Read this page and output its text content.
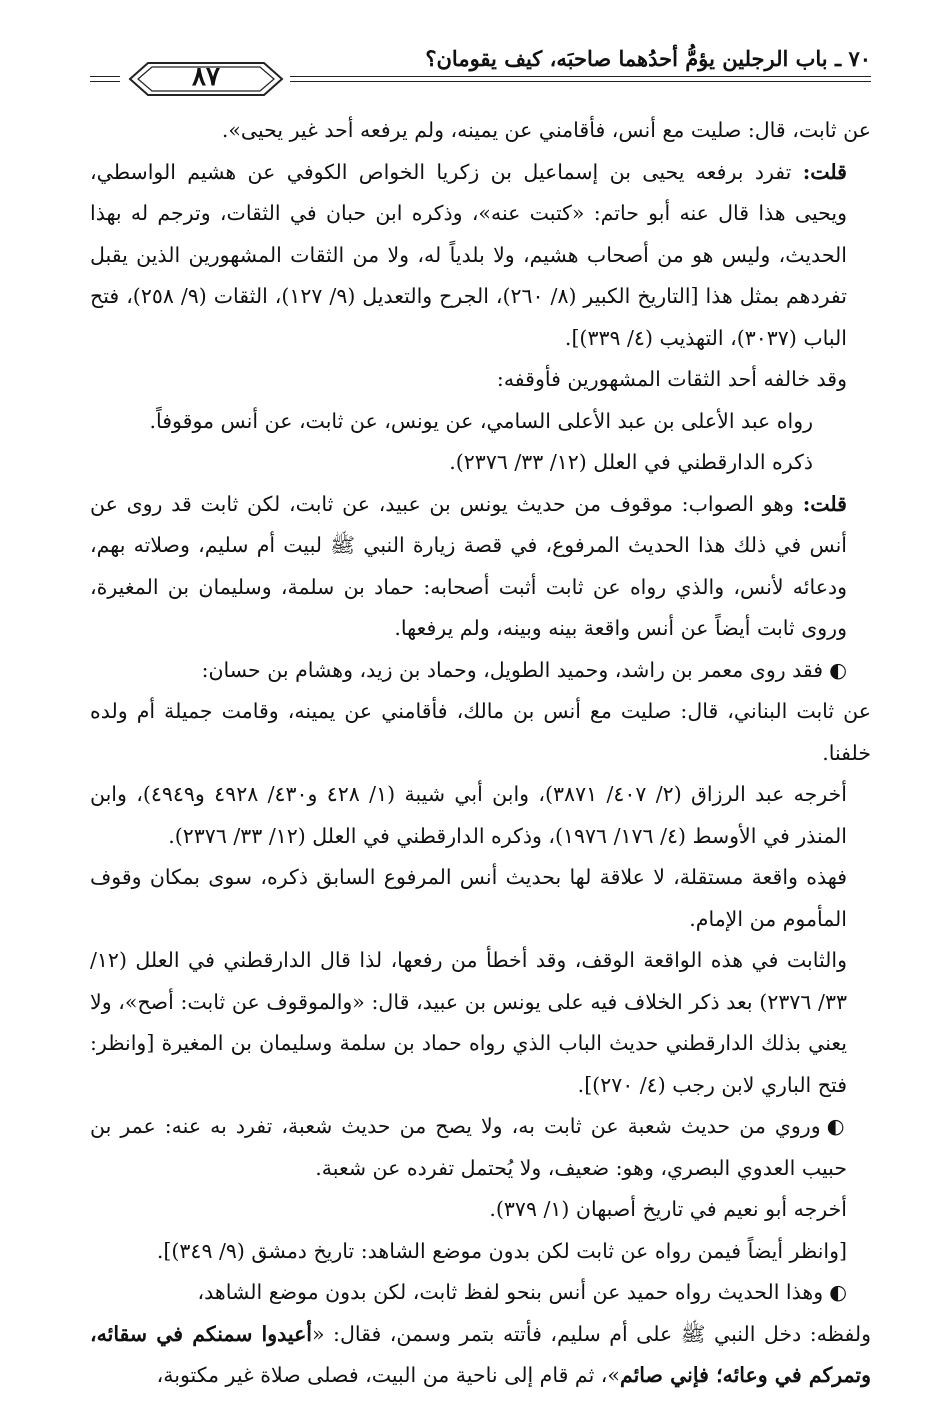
٧٠ ـ باب الرجلين يؤمُّ أحدُهما صاحبَه، كيف يقومان؟
٨٧

عن ثابت، قال: صليت مع أنس، فأقامني عن يمينه، ولم يرفعه أحد غير يحيى».

قلت: تفرد برفعه يحيى بن إسماعيل بن زكريا الخواص الكوفي عن هشيم الواسطي، ويحيى هذا قال عنه أبو حاتم: «كتبت عنه»، وذكره ابن حبان في الثقات، وترجم له بهذا الحديث، وليس هو من أصحاب هشيم، ولا بلدياً له، ولا من الثقات المشهورين الذين يقبل تفردهم بمثل هذا [التاريخ الكبير (٨/ ٢٦٠)، الجرح والتعديل (٩/ ١٢٧)، الثقات (٩/ ٢٥٨)، فتح الباب (٣٠٣٧)، التهذيب (٤/ ٣٣٩)].

وقد خالفه أحد الثقات المشهورين فأوقفه:

رواه عبد الأعلى بن عبد الأعلى السامي، عن يونس، عن ثابت، عن أنس موقوفاً.

ذكره الدارقطني في العلل (١٢/ ٣٣/ ٢٣٧٦).

قلت: وهو الصواب: موقوف من حديث يونس بن عبيد، عن ثابت، لكن ثابت قد روى عن أنس في ذلك هذا الحديث المرفوع، في قصة زيارة النبي ﷺ لبيت أم سليم، وصلاته بهم، ودعائه لأنس، والذي رواه عن ثابت أثبت أصحابه: حماد بن سلمة، وسليمان بن المغيرة، وروى ثابت أيضاً عن أنس واقعة بينه وبينه، ولم يرفعها.

◐فقد روى معمر بن راشد، وحميد الطويل، وحماد بن زيد، وهشام بن حسان:

عن ثابت البناني، قال: صليت مع أنس بن مالك، فأقامني عن يمينه، وقامت جميلة أم ولده خلفنا.

أخرجه عبد الرزاق (٢/ ٤٠٧/ ٣٨٧١)، وابن أبي شيبة (١/ ٤٢٨ و٤٣٠/ ٤٩٢٨ و٤٩٤٩)، وابن المنذر في الأوسط (٤/ ١٧٦/ ١٩٧٦)، وذكره الدارقطني في العلل (١٢/ ٣٣/ ٢٣٧٦).

فهذه واقعة مستقلة، لا علاقة لها بحديث أنس المرفوع السابق ذكره، سوى بمكان وقوف المأموم من الإمام.

والثابت في هذه الواقعة الوقف، وقد أخطأ من رفعها، لذا قال الدارقطني في العلل (١٢/ ٣٣/ ٢٣٧٦) بعد ذكر الخلاف فيه على يونس بن عبيد، قال: «والموقوف عن ثابت: أصح»، ولا يعني بذلك الدارقطني حديث الباب الذي رواه حماد بن سلمة وسليمان بن المغيرة [وانظر: فتح الباري لابن رجب (٤/ ٢٧٠)].

◐وروي من حديث شعبة عن ثابت به، ولا يصح من حديث شعبة، تفرد به عنه: عمر بن حبيب العدوي البصري، وهو: ضعيف، ولا يُحتمل تفرده عن شعبة.

أخرجه أبو نعيم في تاريخ أصبهان (١/ ٣٧٩).

[وانظر أيضاً فيمن رواه عن ثابت لكن بدون موضع الشاهد: تاريخ دمشق (٩/ ٣٤٩)].

◐وهذا الحديث رواه حميد عن أنس بنحو لفظ ثابت، لكن بدون موضع الشاهد،

ولفظه: دخل النبي ﷺ على أم سليم، فأتته بتمر وسمن، فقال: «أعيدوا سمنكم في سقائه، وتمركم في وعائه؛ فإني صائم»، ثم قام إلى ناحية من البيت، فصلى صلاة غير مكتوبة،
